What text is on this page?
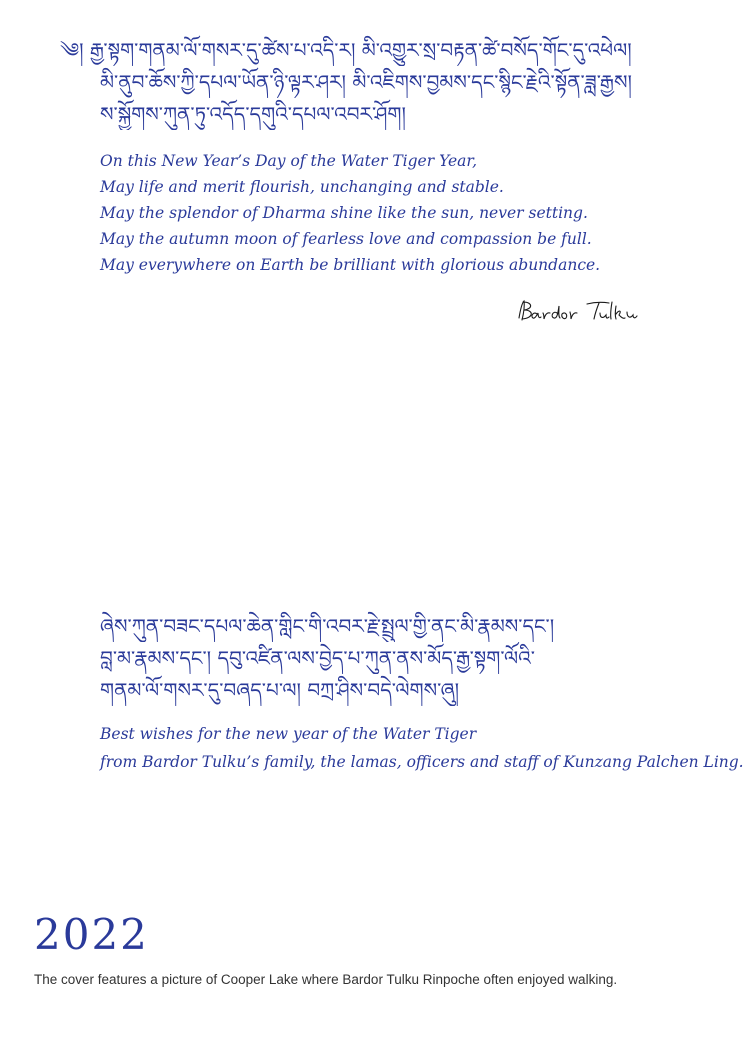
༄། རྒྱ་སྟག་གནམ་ལོ་གསར་དུ་ཚེས་པ་འདི་ར། མི་འགྱུར་སྲ་བརྟན་ཚེ་བསོད་གོང་དུ་འཕེལ།
མི་ནུབ་ཆོས་ཀྱི་དཔལ་ཡོན་ཉི་ལྟར་ཤར། མི་འཇིགས་བྱམས་དང་སྙིང་རྗེའི་སྟོན་ཟླ་རྒྱས།
ས་སྐྱོགས་ཀུན་ཏུ་འདོད་དགུའི་དཔལ་འབར་ཤོག།
On this New Year’s Day of the Water Tiger Year,
May life and merit flourish, unchanging and stable.
May the splendor of Dharma shine like the sun, never setting.
May the autumn moon of fearless love and compassion be full.
May everywhere on Earth be brilliant with glorious abundance.
ཞེས་ཀུན་བཟང་དཔལ་ཆེན་གླིང་གི་འབར་རྗེ་སྤྲུལ་གྱི་ནང་མི་རྣམས་དང་།
བླ་མ་རྣམས་དང་། དབུ་འཛིན་ལས་བྱེད་པ་ཀུན་ནས་མོད་རྒྱ་སྟག་ལོའི་
གནམ་ལོ་གསར་དུ་བཞད་པ་ལ། བཀྲ་ཤིས་བདེ་ལེགས་ཞུ།
Best wishes for the new year of the Water Tiger
from Bardor Tulku’s family, the lamas, officers and staff of Kunzang Palchen Ling.
2022
The cover features a picture of Cooper Lake where Bardor Tulku Rinpoche often enjoyed walking.
